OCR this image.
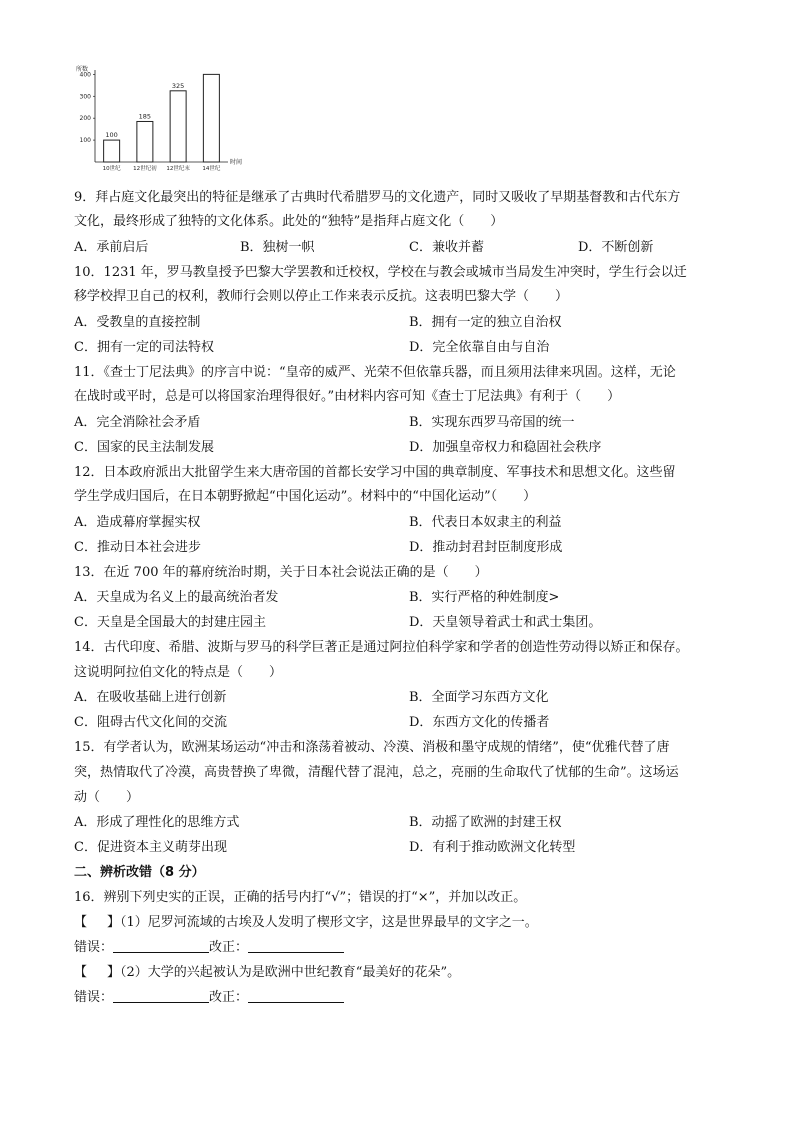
所数
时间
100
200
300
400
100
10世纪
185
12世纪初
325
12世纪末 14世纪
9．拜占庭文化最突出的特征是继承了古典时代希腊罗马的文化遗产，同时又吸收了早期基督教和古代东方
文化，最终形成了独特的文化体系。此处的“独特”是指拜占庭文化（　　）
A．承前启后	B．独树一帜	C．兼收并蓄	D．不断创新
10．1231 年，罗马教皇授予巴黎大学罢教和迁校权，学校在与教会或城市当局发生冲突时，学生行会以迁
移学校捍卫自己的权利，教师行会则以停止工作来表示反抗。这表明巴黎大学（　　）
A．受教皇的直接控制	B．拥有一定的独立自治权
C．拥有一定的司法特权	D．完全依靠自由与自治
11．《查士丁尼法典》的序言中说：“皇帝的威严、光荣不但依靠兵器，而且须用法律来巩固。这样，无论
在战时或平时，总是可以将国家治理得很好。”由材料内容可知《查士丁尼法典》有利于（　　）
A．完全消除社会矛盾	B．实现东西罗马帝国的统一
C．国家的民主法制发展	D．加强皇帝权力和稳固社会秩序
12．日本政府派出大批留学生来大唐帝国的首都长安学习中国的典章制度、军事技术和思想文化。这些留
学生学成归国后，在日本朝野掀起“中国化运动”。材料中的“中国化运动”（　　）
A．造成幕府掌握实权	B．代表日本奴隶主的利益
C．推动日本社会进步	D．推动封君封臣制度形成
13．在近 700 年的幕府统治时期，关于日本社会说法正确的是（　　）
A．天皇成为名义上的最高统治者发	B．实行严格的种姓制度>
C．天皇是全国最大的封建庄园主	D．天皇领导着武士和武士集团。
14．古代印度、希腊、波斯与罗马的科学巨著正是通过阿拉伯科学家和学者的创造性劳动得以矫正和保存。
这说明阿拉伯文化的特点是（　　）
A．在吸收基础上进行创新	B．全面学习东西方文化
C．阻碍古代文化间的交流	D．东西方文化的传播者
15．有学者认为，欧洲某场运动“冲击和涤荡着被动、冷漠、消极和墨守成规的情绪”，使“优雅代替了唐
突，热情取代了冷漠，高贵替换了卑微，清醒代替了混沌，总之，亮丽的生命取代了忧郁的生命”。这场运
动（　　）
A．形成了理性化的思维方式	B．动摇了欧洲的封建王权
C．促进资本主义萌芽出现	D．有利于推动欧洲文化转型
二、辨析改错（8 分）
16．辨别下列史实的正误，正确的括号内打“√”；错误的打“×”，并加以改正。
【 】（1）尼罗河流域的古埃及人发明了楔形文字，这是世界最早的文字之一。
错误：	改正：
【 】（2）大学的兴起被认为是欧洲中世纪教育“最美好的花朵”。
错误：	改正：
